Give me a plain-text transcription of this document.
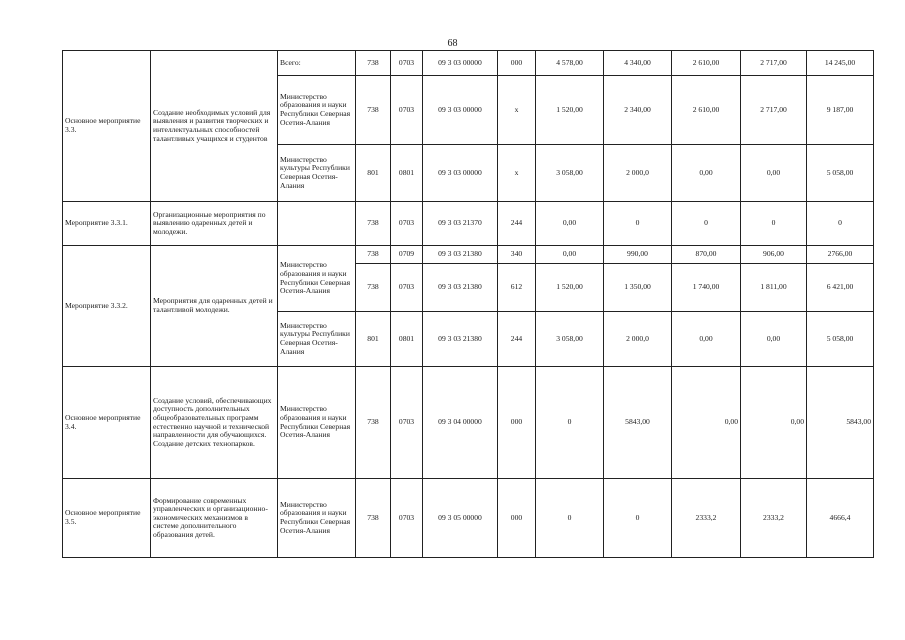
68
Основное мероприятие 3.3.	Создание необходимых условий для выявления и развития творческих и интеллектуальных способностей талантливых учащихся и студентов	Всего:	738	0703	09 3 03 00000	000	4 578,00	4 340,00	2 610,00	2 717,00	14 245,00
		Министерство образования и науки Республики Северная Осетия-Алания	738	0703	09 3 03 00000	х	1 520,00	2 340,00	2 610,00	2 717,00	9 187,00
		Министерство культуры Республики Северная Осетия-Алания	801	0801	09 3 03 00000	х	3 058,00	2 000,0	0,00	0,00	5 058,00
Мероприятие 3.3.1.	Организационные мероприятия по выявлению одаренных детей и молодежи.		738	0703	09 3 03 21370	244	0,00	0	0	0	0
Мероприятие 3.3.2.	Мероприятия для одаренных детей и талантливой молодежи.	Министерство образования и науки Республики Северная Осетия-Алания	738	0709	09 3 03 21380	340	0,00	990,00	870,00	906,00	2766,00
			738	0703	09 3 03 21380	612	1 520,00	1 350,00	1 740,00	1 811,00	6 421,00
		Министерство культуры Республики Северная Осетия-Алания	801	0801	09 3 03 21380	244	3 058,00	2 000,0	0,00	0,00	5 058,00
Основное мероприятие 3.4.	Создание условий, обеспечивающих доступность дополнительных общеобразовательных программ естественно научной и технической направленности для обучающихся. Создание детских технопарков.	Министерство образования и науки Республики Северная Осетия-Алания	738	0703	09 3 04 00000	000	0	5843,00	0,00	0,00	5843,00
Основное мероприятие 3.5.	Формирование современных управленческих и организационно-экономических механизмов в системе дополнительного образования детей.	Министерство образования и науки Республики Северная Осетия-Алания	738	0703	09 3 05 00000	000	0	0	2333,2	2333,2	4666,4
